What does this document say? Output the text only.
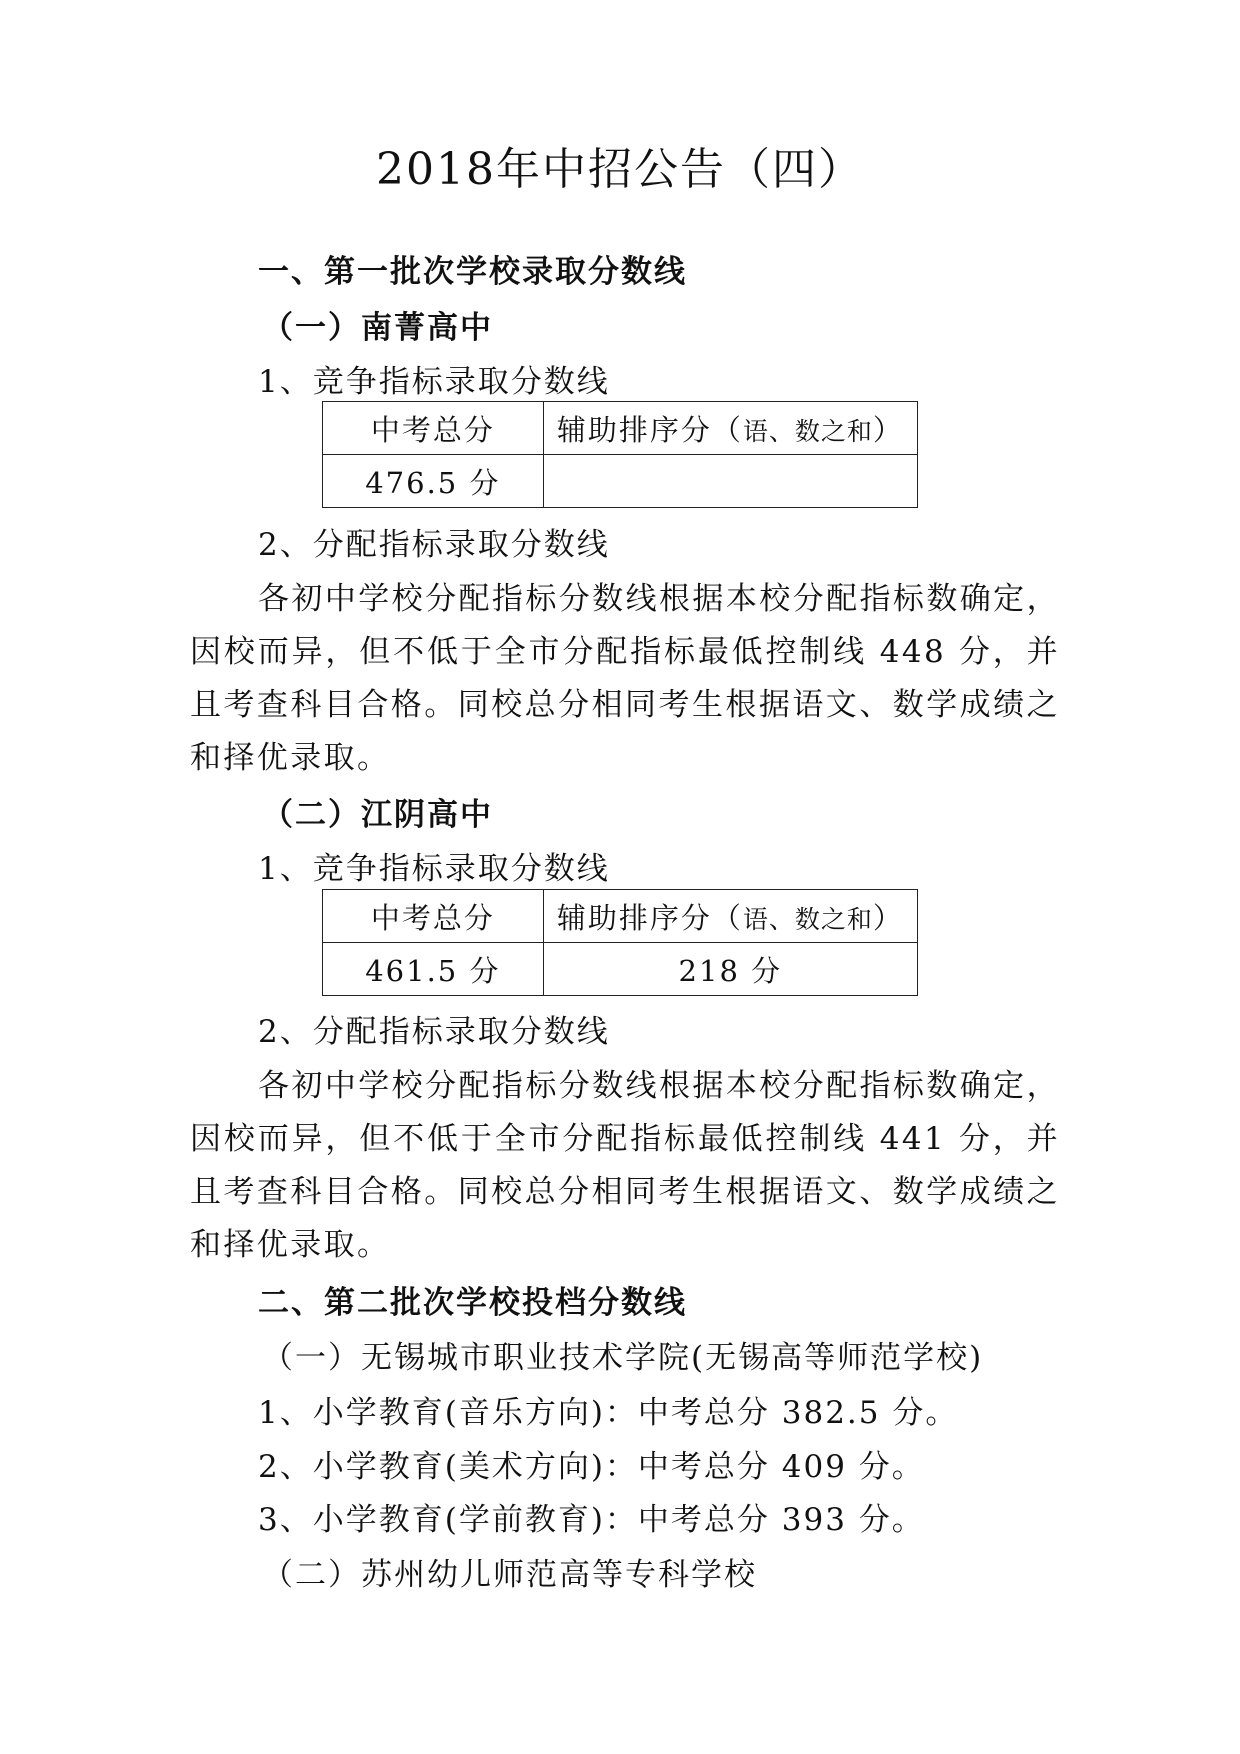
2018年中招公告（四）
一、第一批次学校录取分数线
（一）南菁高中
1、竞争指标录取分数线
中考总分	辅助排序分（语、数之和）
476.5 分	
2、分配指标录取分数线
各初中学校分配指标分数线根据本校分配指标数确定，因校而异，但不低于全市分配指标最低控制线 448 分，并且考查科目合格。同校总分相同考生根据语文、数学成绩之和择优录取。
（二）江阴高中
1、竞争指标录取分数线
中考总分	辅助排序分（语、数之和）
461.5 分	218 分
2、分配指标录取分数线
各初中学校分配指标分数线根据本校分配指标数确定，因校而异，但不低于全市分配指标最低控制线 441 分，并且考查科目合格。同校总分相同考生根据语文、数学成绩之和择优录取。
二、第二批次学校投档分数线
（一）无锡城市职业技术学院(无锡高等师范学校)
1、小学教育(音乐方向)：中考总分 382.5 分。
2、小学教育(美术方向)：中考总分 409 分。
3、小学教育(学前教育)：中考总分 393 分。
（二）苏州幼儿师范高等专科学校
